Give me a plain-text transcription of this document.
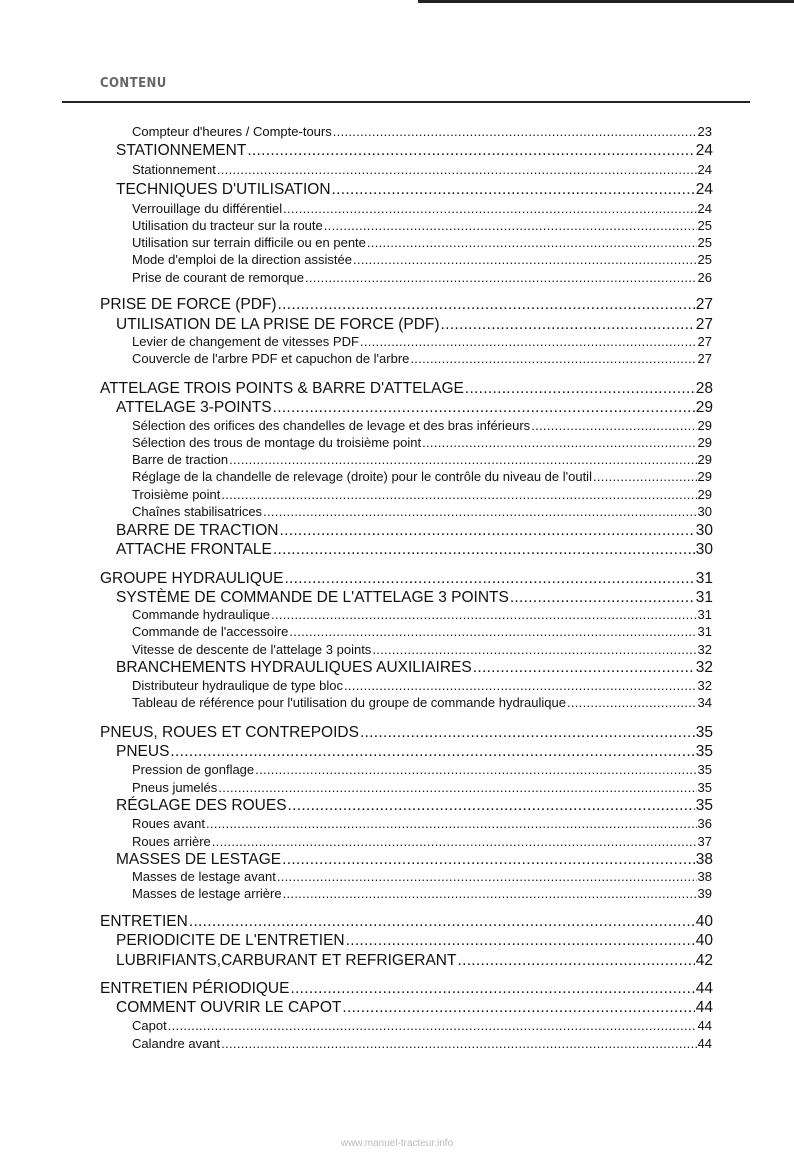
CONTENU
Compteur d'heures / Compte-tours .....	23
STATIONNEMENT .....	24
Stationnement .....	24
TECHNIQUES D'UTILISATION .....	24
Verrouillage du différentiel .....	24
Utilisation du tracteur sur la route .....	25
Utilisation sur terrain difficile ou en pente .....	25
Mode d'emploi de la direction assistée .....	25
Prise de courant de remorque .....	26
PRISE DE FORCE (PDF) .....	27
UTILISATION DE LA PRISE DE FORCE (PDF) .....	27
Levier de changement de vitesses PDF .....	27
Couvercle de l'arbre PDF et capuchon de l'arbre .....	27
ATTELAGE TROIS POINTS & BARRE D'ATTELAGE .....	28
ATTELAGE 3-POINTS .....	29
Sélection des orifices des chandelles de levage et des bras inférieurs .....	29
Sélection des trous de montage du troisième point .....	29
Barre de traction .....	29
Réglage de la chandelle de relevage (droite) pour le contrôle du niveau de l'outil .....	29
Troisième point .....	29
Chaînes stabilisatrices .....	30
BARRE DE TRACTION .....	30
ATTACHE FRONTALE .....	30
GROUPE HYDRAULIQUE .....	31
SYSTÈME DE COMMANDE DE L'ATTELAGE 3 POINTS .....	31
Commande hydraulique .....	31
Commande de l'accessoire .....	31
Vitesse de descente de l'attelage 3 points .....	32
BRANCHEMENTS HYDRAULIQUES AUXILIAIRES .....	32
Distributeur hydraulique de type bloc .....	32
Tableau de référence pour l'utilisation du groupe de commande hydraulique .....	34
PNEUS, ROUES ET CONTREPOIDS .....	35
PNEUS .....	35
Pression de gonflage .....	35
Pneus jumelés .....	35
RÉGLAGE DES ROUES .....	35
Roues avant .....	36
Roues arrière .....	37
MASSES DE LESTAGE .....	38
Masses de lestage avant .....	38
Masses de lestage arrière .....	39
ENTRETIEN .....	40
PERIODICITE DE L'ENTRETIEN .....	40
LUBRIFIANTS,CARBURANT ET REFRIGERANT .....	42
ENTRETIEN PÉRIODIQUE .....	44
COMMENT OUVRIR LE CAPOT .....	44
Capot .....	44
Calandre avant .....	44
www.manuel-tracteur.info
